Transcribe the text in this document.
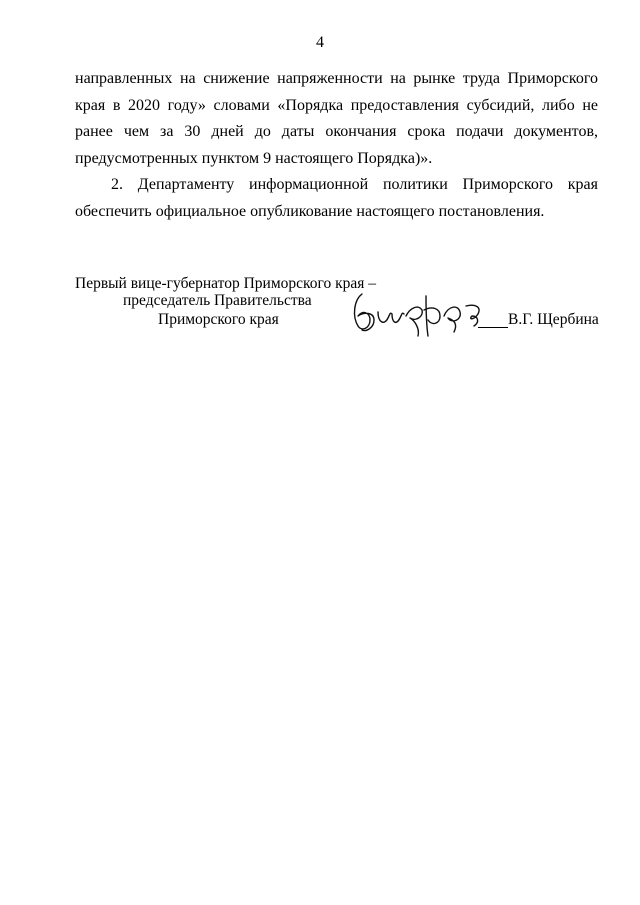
4

направленных на снижение напряженности на рынке труда Приморского края в 2020 году» словами «Порядка предоставления субсидий, либо не ранее чем за 30 дней до даты окончания срока подачи документов, предусмотренных пунктом 9 настоящего Порядка)».

2. Департаменту информационной политики Приморского края обеспечить официальное опубликование настоящего постановления.

Первый вице-губернатор Приморского края –
председатель Правительства
Приморского края	В.Г. Щербина
